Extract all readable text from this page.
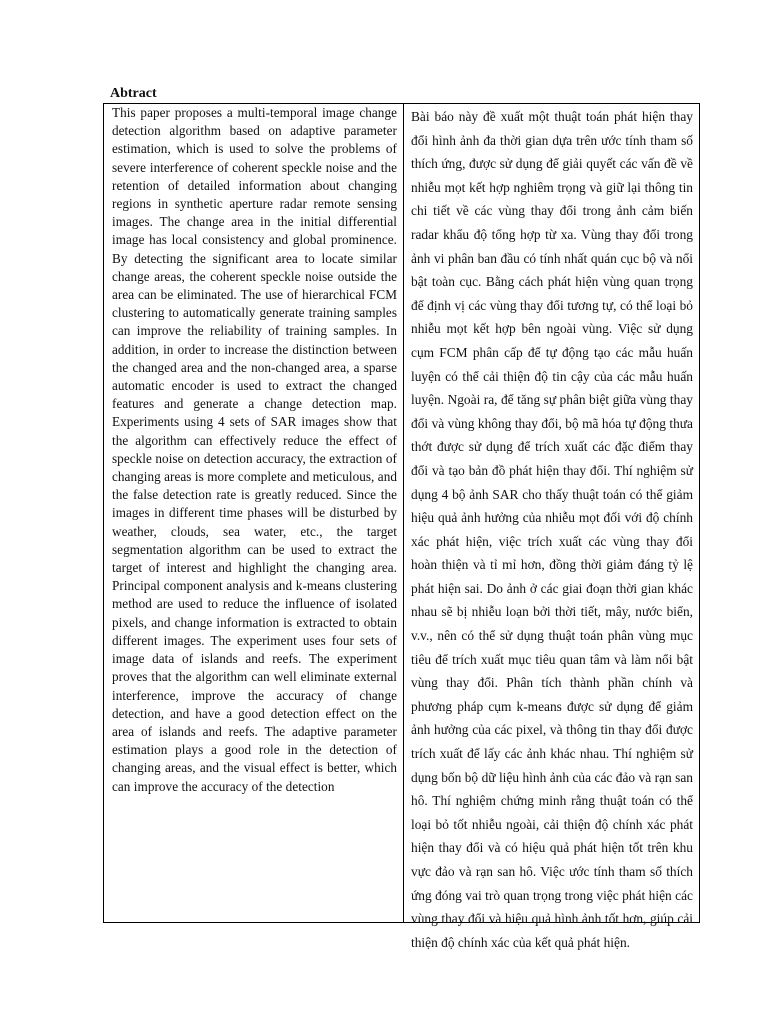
Abtract

This paper proposes a multi-temporal image change detection algorithm based on adaptive parameter estimation, which is used to solve the problems of severe interference of coherent speckle noise and the retention of detailed information about changing regions in synthetic aperture radar remote sensing images. The change area in the initial differential image has local consistency and global prominence. By detecting the significant area to locate similar change areas, the coherent speckle noise outside the area can be eliminated. The use of hierarchical FCM clustering to automatically generate training samples can improve the reliability of training samples. In addition, in order to increase the distinction between the changed area and the non-changed area, a sparse automatic encoder is used to extract the changed features and generate a change detection map. Experiments using 4 sets of SAR images show that the algorithm can effectively reduce the effect of speckle noise on detection accuracy, the extraction of changing areas is more complete and meticulous, and the false detection rate is greatly reduced. Since the images in different time phases will be disturbed by weather, clouds, sea water, etc., the target segmentation algorithm can be used to extract the target of interest and highlight the changing area. Principal component analysis and k-means clustering method are used to reduce the influence of isolated pixels, and change information is extracted to obtain different images. The experiment uses four sets of image data of islands and reefs. The experiment proves that the algorithm can well eliminate external interference, improve the accuracy of change detection, and have a good detection effect on the area of islands and reefs. The adaptive parameter estimation plays a good role in the detection of changing areas, and the visual effect is better, which can improve the accuracy of the detection

Bài báo này đề xuất một thuật toán phát hiện thay đổi hình ảnh đa thời gian dựa trên ước tính tham số thích ứng, được sử dụng để giải quyết các vấn đề về nhiễu mọt kết hợp nghiêm trọng và giữ lại thông tin chi tiết về các vùng thay đổi trong ảnh cảm biến radar khẩu độ tổng hợp từ xa. Vùng thay đổi trong ảnh vi phân ban đầu có tính nhất quán cục bộ và nổi bật toàn cục. Bằng cách phát hiện vùng quan trọng để định vị các vùng thay đổi tương tự, có thể loại bỏ nhiễu mọt kết hợp bên ngoài vùng. Việc sử dụng cụm FCM phân cấp để tự động tạo các mẫu huấn luyện có thể cải thiện độ tin cậy của các mẫu huấn luyện. Ngoài ra, để tăng sự phân biệt giữa vùng thay đổi và vùng không thay đổi, bộ mã hóa tự động thưa thớt được sử dụng để trích xuất các đặc điểm thay đổi và tạo bản đồ phát hiện thay đổi. Thí nghiệm sử dụng 4 bộ ảnh SAR cho thấy thuật toán có thể giảm hiệu quả ảnh hưởng của nhiễu mọt đối với độ chính xác phát hiện, việc trích xuất các vùng thay đổi hoàn thiện và tỉ mỉ hơn, đồng thời giảm đáng tỷ lệ phát hiện sai. Do ảnh ở các giai đoạn thời gian khác nhau sẽ bị nhiễu loạn bởi thời tiết, mây, nước biển, v.v., nên có thể sử dụng thuật toán phân vùng mục tiêu để trích xuất mục tiêu quan tâm và làm nổi bật vùng thay đổi. Phân tích thành phần chính và phương pháp cụm k-means được sử dụng để giảm ảnh hưởng của các pixel, và thông tin thay đổi được trích xuất để lấy các ảnh khác nhau. Thí nghiệm sử dụng bốn bộ dữ liệu hình ảnh của các đảo và rạn san hô. Thí nghiệm chứng minh rằng thuật toán có thể loại bỏ tốt nhiễu ngoài, cải thiện độ chính xác phát hiện thay đổi và có hiệu quả phát hiện tốt trên khu vực đảo và rạn san hô. Việc ước tính tham số thích ứng đóng vai trò quan trọng trong việc phát hiện các vùng thay đổi và hiệu quả hình ảnh tốt hơn, giúp cải thiện độ chính xác của kết quả phát hiện.
